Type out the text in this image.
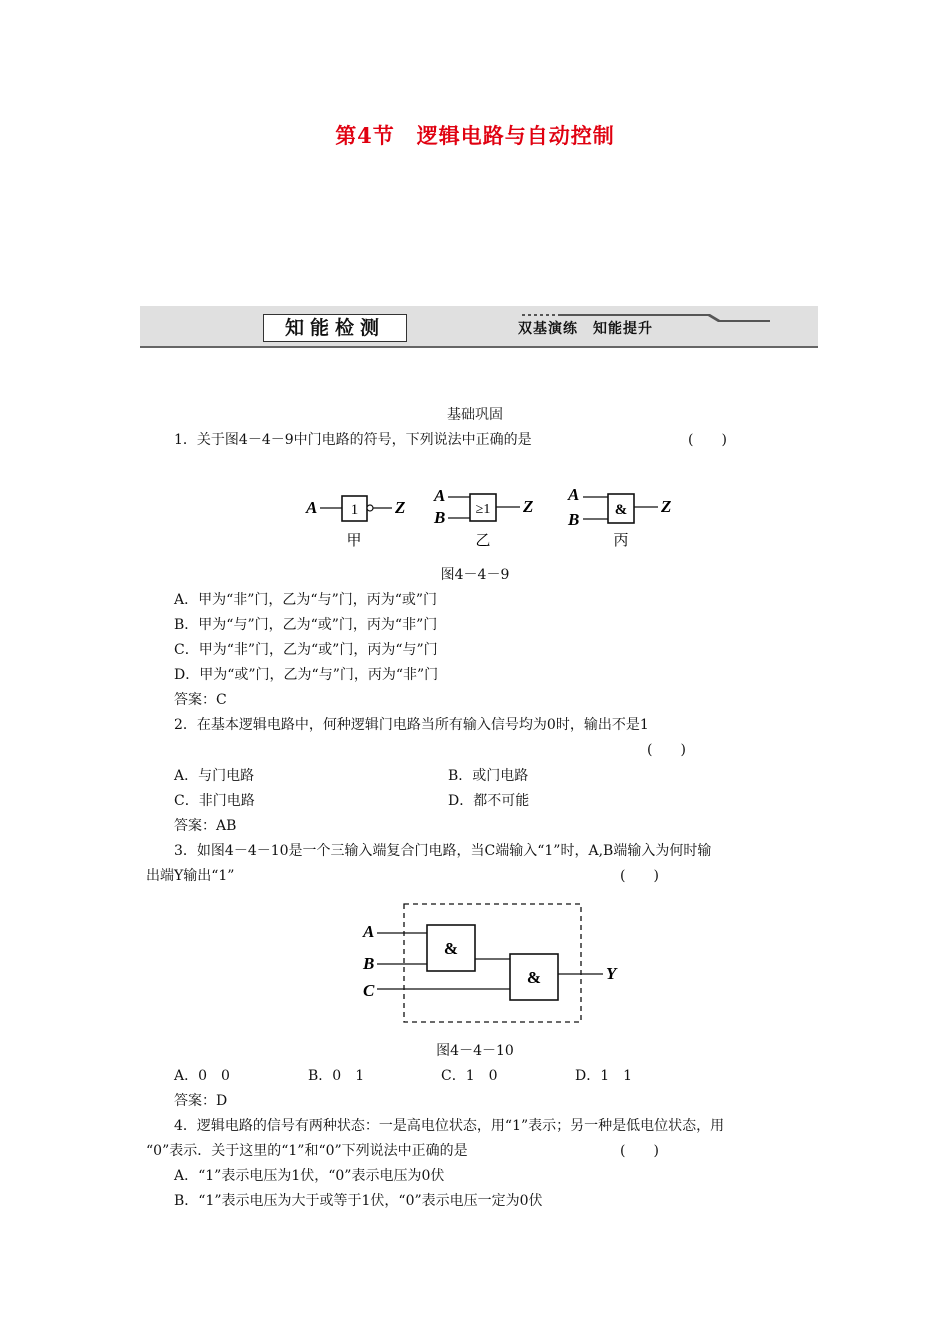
第4节　逻辑电路与自动控制
知能检测	双基演练　知能提升
基础巩固
1．关于图4－4－9中门电路的符号，下列说法中正确的是	(　　)
A 1 Z
甲
A
B ≥1 Z
乙
A
B & Z
丙
图4－4－9
A．甲为“非”门，乙为“与”门，丙为“或”门
B．甲为“与”门，乙为“或”门，丙为“非”门
C．甲为“非”门，乙为“或”门，丙为“与”门
D．甲为“或”门，乙为“与”门，丙为“非”门
答案：C
2．在基本逻辑电路中，何种逻辑门电路当所有输入信号均为0时，输出不是1
(　　)
A．与门电路	B．或门电路
C．非门电路	D．都不可能
答案：AB
3．如图4－4－10是一个三输入端复合门电路，当C端输入“1”时，A,B端输入为何时输
出端Y输出“1”	(　　)
A
B
C
&
&	Y
图4－4－10
A．0　0	B．0　1	C．1　0	D．1　1
答案：D
4．逻辑电路的信号有两种状态：一是高电位状态，用“1”表示；另一种是低电位状态，用
“0”表示．关于这里的“1”和“0”下列说法中正确的是	(　　)
A．“1”表示电压为1伏，“0”表示电压为0伏
B．“1”表示电压为大于或等于1伏，“0”表示电压一定为0伏
